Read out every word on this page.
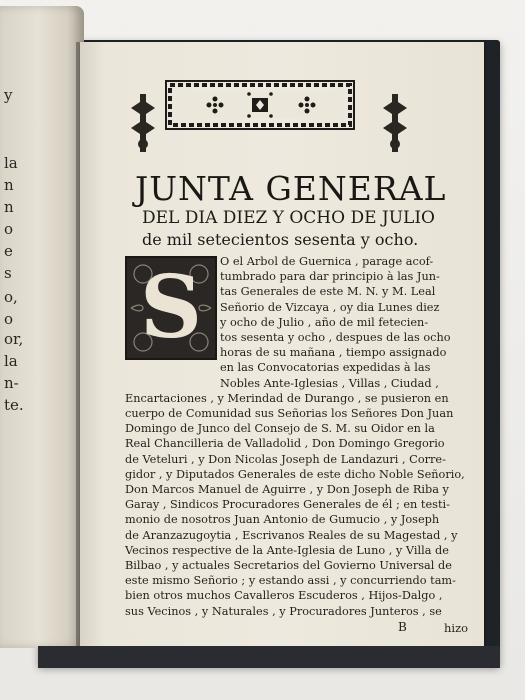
y
la
n
n
o
e
s
o,
o
or,
la
n-
te.
JUNTA GENERAL
DEL DIA DIEZ Y OCHO DE JULIO
de mil setecientos sesenta y ocho.
S	O el Arbol de Guernica , parage acof-
tumbrado para dar principio à las Jun-
tas Generales de este M. N. y M. Leal
Señorio de Vizcaya , oy dia Lunes diez
y ocho de Julio , año de mil fetecien-
tos sesenta y ocho , despues de las ocho
horas de su mañana , tiempo assignado
en las Convocatorias expedidas à las
Nobles Ante-Iglesias , Villas , Ciudad ,
Encartaciones , y Merindad de Durango , se pusieron en
cuerpo de Comunidad sus Señorias los Señores Don Juan
Domingo de Junco del Consejo de S. M. su Oidor en la
Real Chancilleria de Valladolid , Don Domingo Gregorio
de Veteluri , y Don Nicolas Joseph de Landazuri , Corre-
gidor , y Diputados Generales de este dicho Noble Señorio,
Don Marcos Manuel de Aguirre , y Don Joseph de Riba y
Garay , Sindicos Procuradores Generales de él ; en testi-
monio de nosotros Juan Antonio de Gumucio , y Joseph
de Aranzazugoytia , Escrivanos Reales de su Magestad , y
Vecinos respective de la Ante-Iglesia de Luno , y Villa de
Bilbao , y actuales Secretarios del Govierno Universal de
este mismo Señorio ; y estando assi , y concurriendo tam-
bien otros muchos Cavalleros Escuderos , Hijos-Dalgo ,
sus Vecinos , y Naturales , y Procuradores Junteros , se
B	hizo
